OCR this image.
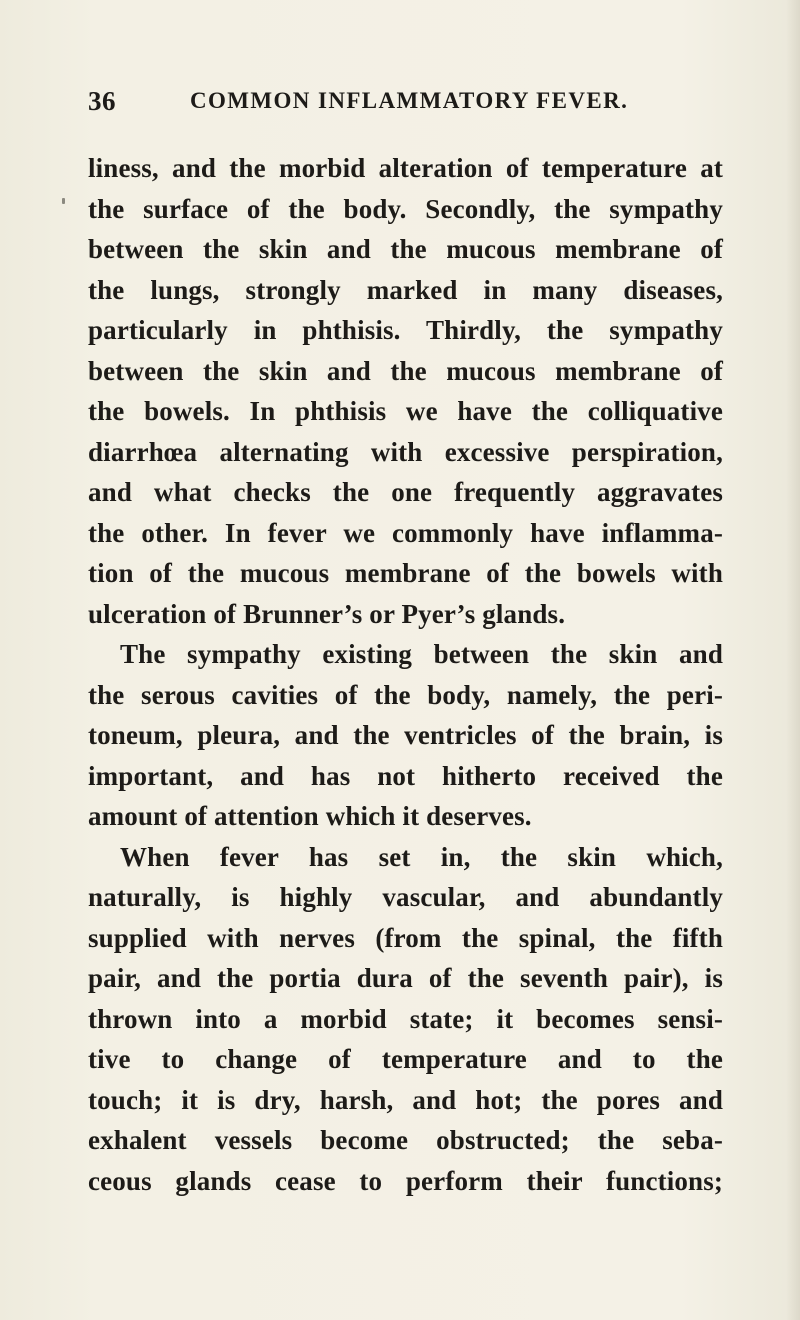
36	COMMON INFLAMMATORY FEVER.
liness, and the morbid alteration of temperature at
the surface of the body. Secondly, the sympathy
between the skin and the mucous membrane of
the lungs, strongly marked in many diseases,
particularly in phthisis. Thirdly, the sympathy
between the skin and the mucous membrane of
the bowels. In phthisis we have the colliquative
diarrhœa alternating with excessive perspiration,
and what checks the one frequently aggravates
the other. In fever we commonly have inflamma-
tion of the mucous membrane of the bowels with
ulceration of Brunner’s or Pyer’s glands.
The sympathy existing between the skin and
the serous cavities of the body, namely, the peri-
toneum, pleura, and the ventricles of the brain, is
important, and has not hitherto received the
amount of attention which it deserves.
When fever has set in, the skin which,
naturally, is highly vascular, and abundantly
supplied with nerves (from the spinal, the fifth
pair, and the portia dura of the seventh pair), is
thrown into a morbid state; it becomes sensi-
tive to change of temperature and to the
touch; it is dry, harsh, and hot; the pores and
exhalent vessels become obstructed; the seba-
ceous glands cease to perform their functions;
